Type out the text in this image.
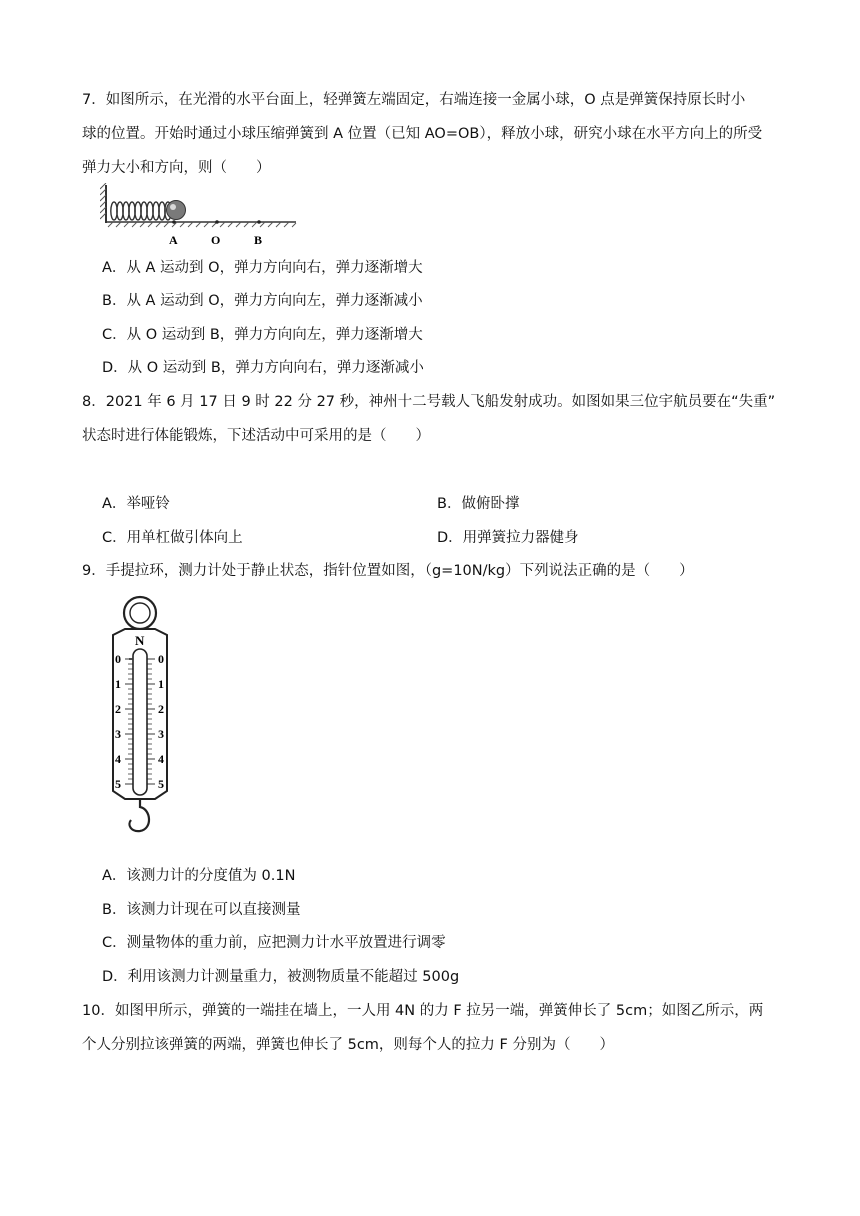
7．如图所示，在光滑的水平台面上，轻弹簧左端固定，右端连接一金属小球，O 点是弹簧保持原长时小
球的位置。开始时通过小球压缩弹簧到 A 位置（已知 AO=OB），释放小球，研究小球在水平方向上的所受
弹力大小和方向，则（　　）
A	O	B
A．从 A 运动到 O，弹力方向向右，弹力逐渐增大
B．从 A 运动到 O，弹力方向向左，弹力逐渐减小
C．从 O 运动到 B，弹力方向向左，弹力逐渐增大
D．从 O 运动到 B，弹力方向向右，弹力逐渐减小
8．2021 年 6 月 17 日 9 时 22 分 27 秒，神州十二号载人飞船发射成功。如图如果三位宇航员要在“失重”
状态时进行体能锻炼，下述活动中可采用的是（　　）
A．举哑铃	B．做俯卧撑
C．用单杠做引体向上	D．用弹簧拉力器健身
9．手提拉环，测力计处于静止状态，指针位置如图，（g=10N/kg）下列说法正确的是（　　）
N
0	0
1	1
2	2
3	3
4	4
5	5
A．该测力计的分度值为 0.1N
B．该测力计现在可以直接测量
C．测量物体的重力前，应把测力计水平放置进行调零
D．利用该测力计测量重力，被测物质量不能超过 500g
10．如图甲所示，弹簧的一端挂在墙上，一人用 4N 的力 F 拉另一端，弹簧伸长了 5cm；如图乙所示，两
个人分别拉该弹簧的两端，弹簧也伸长了 5cm，则每个人的拉力 F 分别为（　　）
